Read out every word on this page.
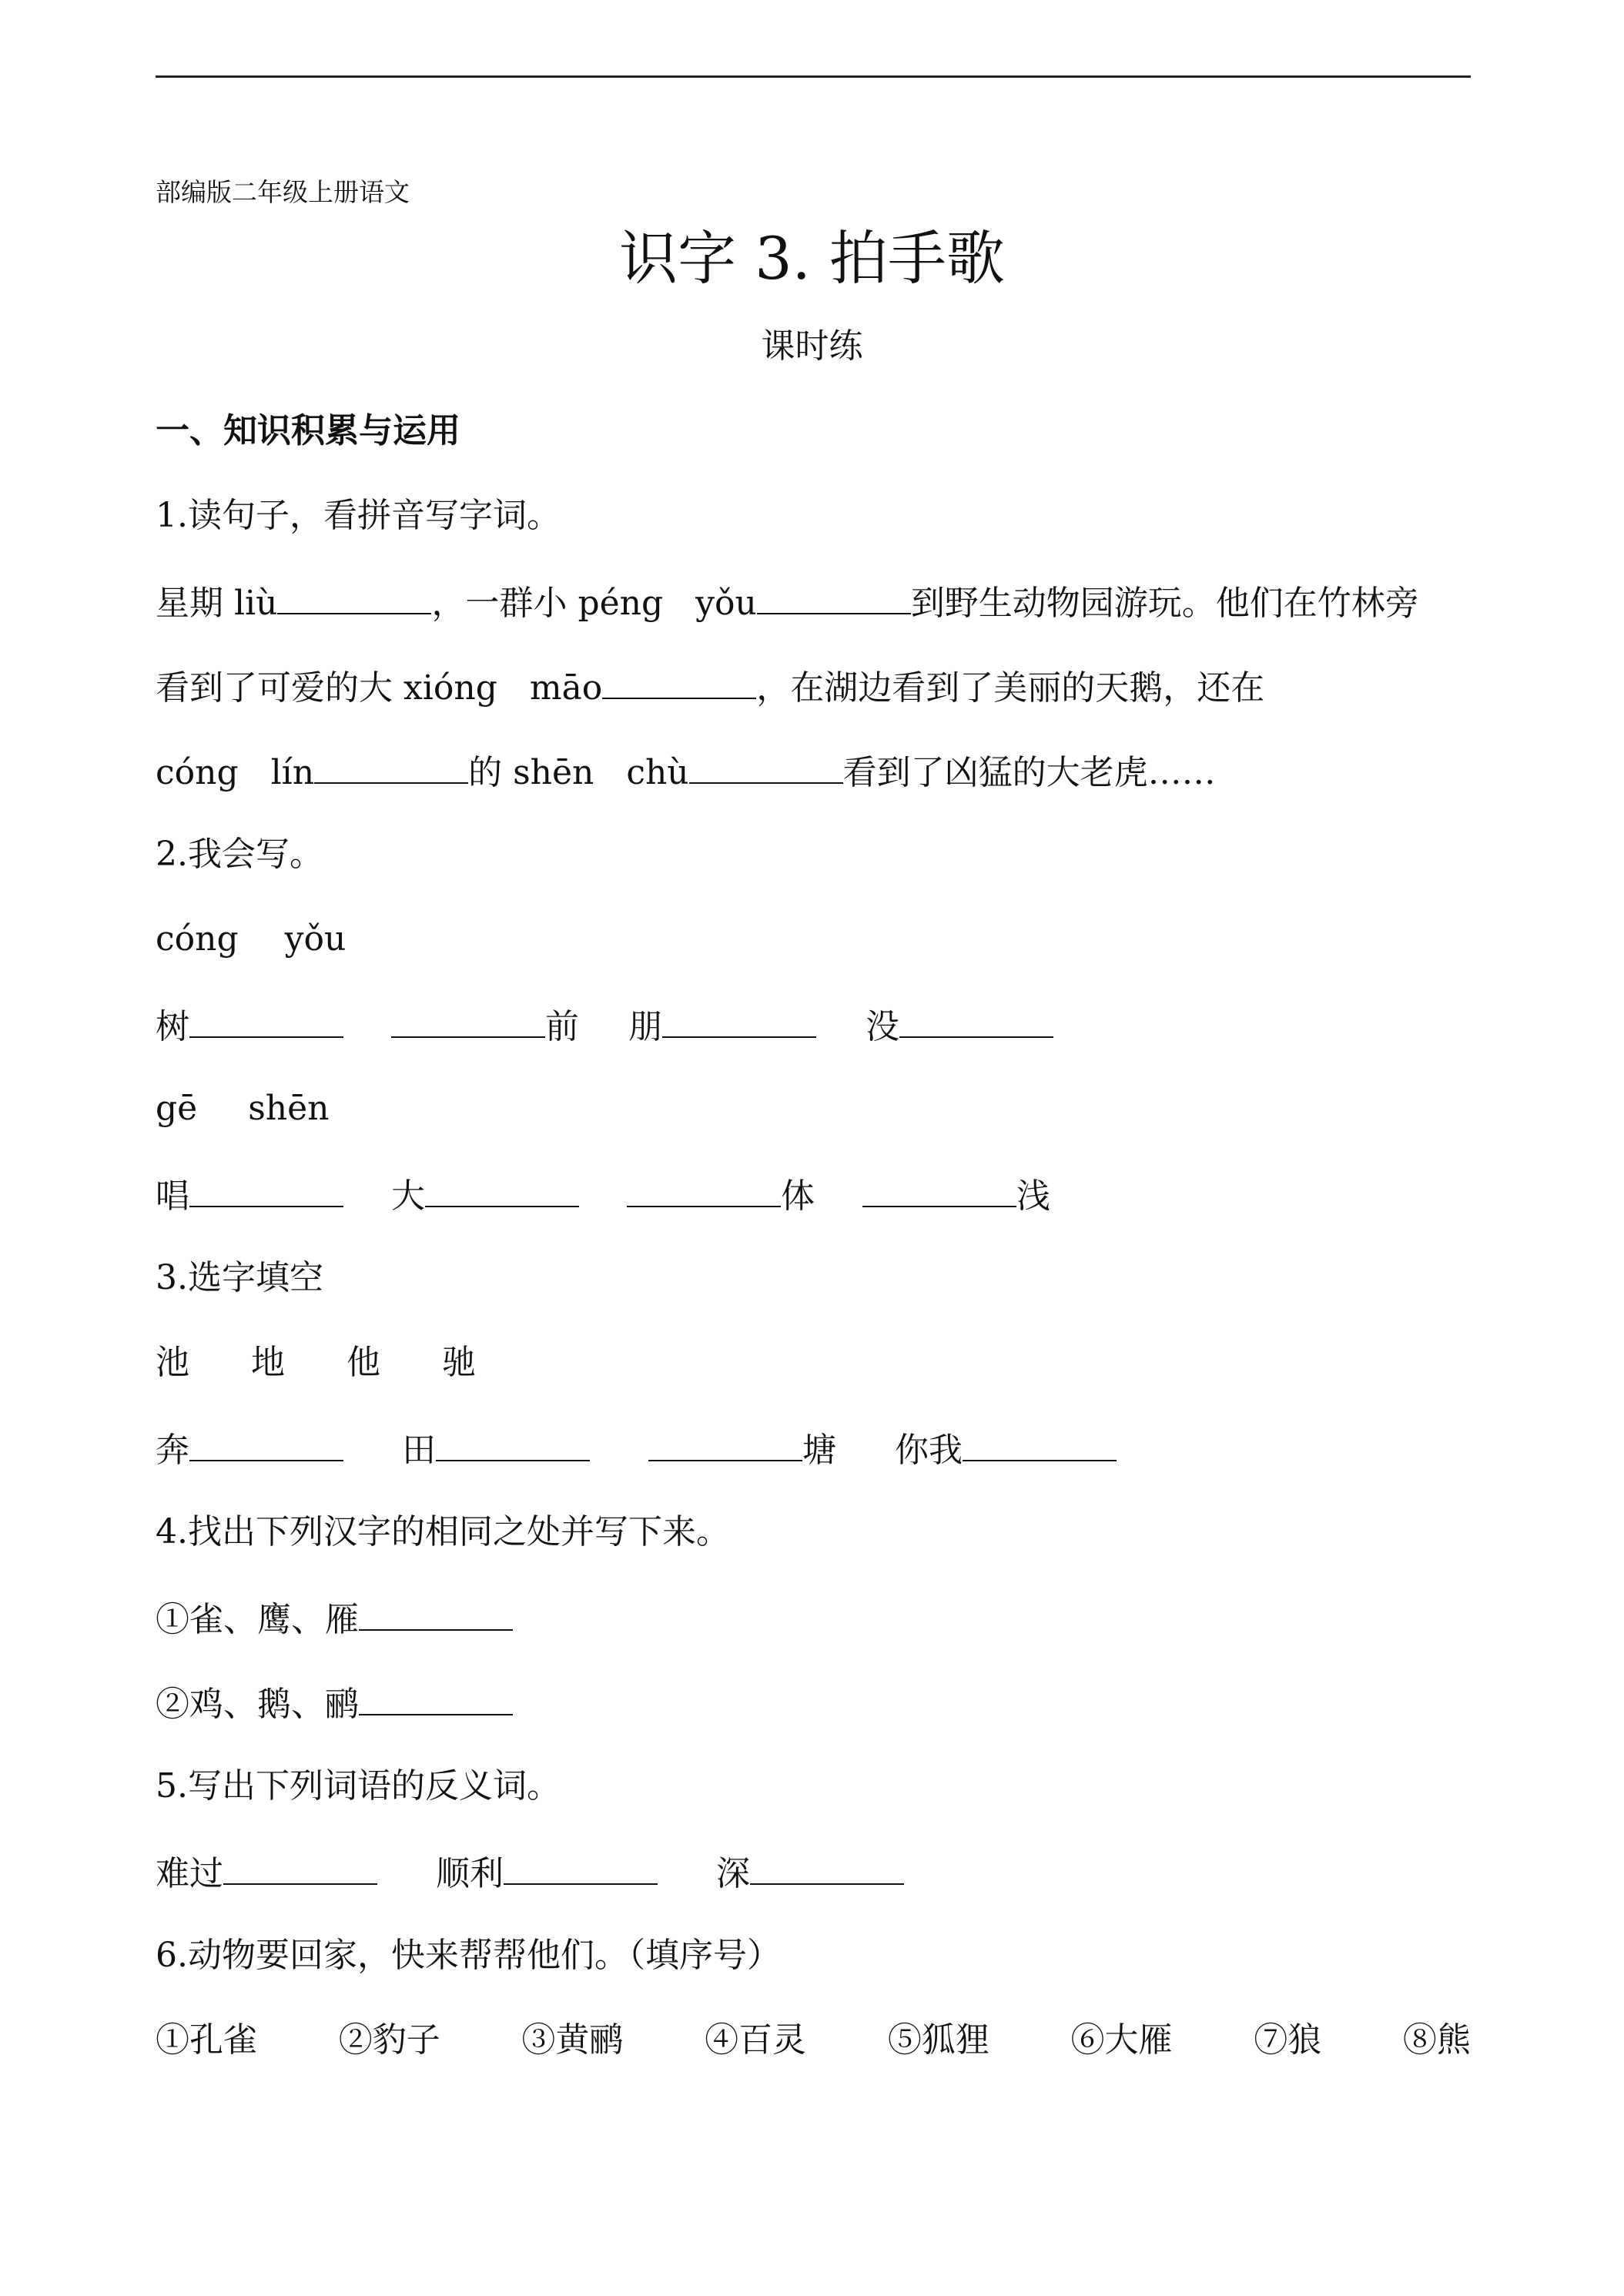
部编版二年级上册语文
识字 3. 拍手歌
课时练
一、知识积累与运用
1.读句子，看拼音写字词。
星期 liù	，一群小 péng   yǒu	到野生动物园游玩。他们在竹林旁
看到了可爱的大 xióng   māo	，在湖边看到了美丽的天鹅，还在
cóng   lín	的 shēn   chù	看到了凶猛的大老虎……
2.我会写。
cóng yǒu
树	前 朋	没
gē shēn
唱	大	体	浅
3.选字填空
池 地 他 驰
奔	田	塘 你我
4.找出下列汉字的相同之处并写下来。
①雀、鹰、雁
②鸡、鹅、鹂
5.写出下列词语的反义词。
难过	顺利	深
6.动物要回家，快来帮帮他们。（填序号）
①孔雀 ②豹子 ③黄鹂 ④百灵 ⑤狐狸 ⑥大雁 ⑦狼 ⑧熊
